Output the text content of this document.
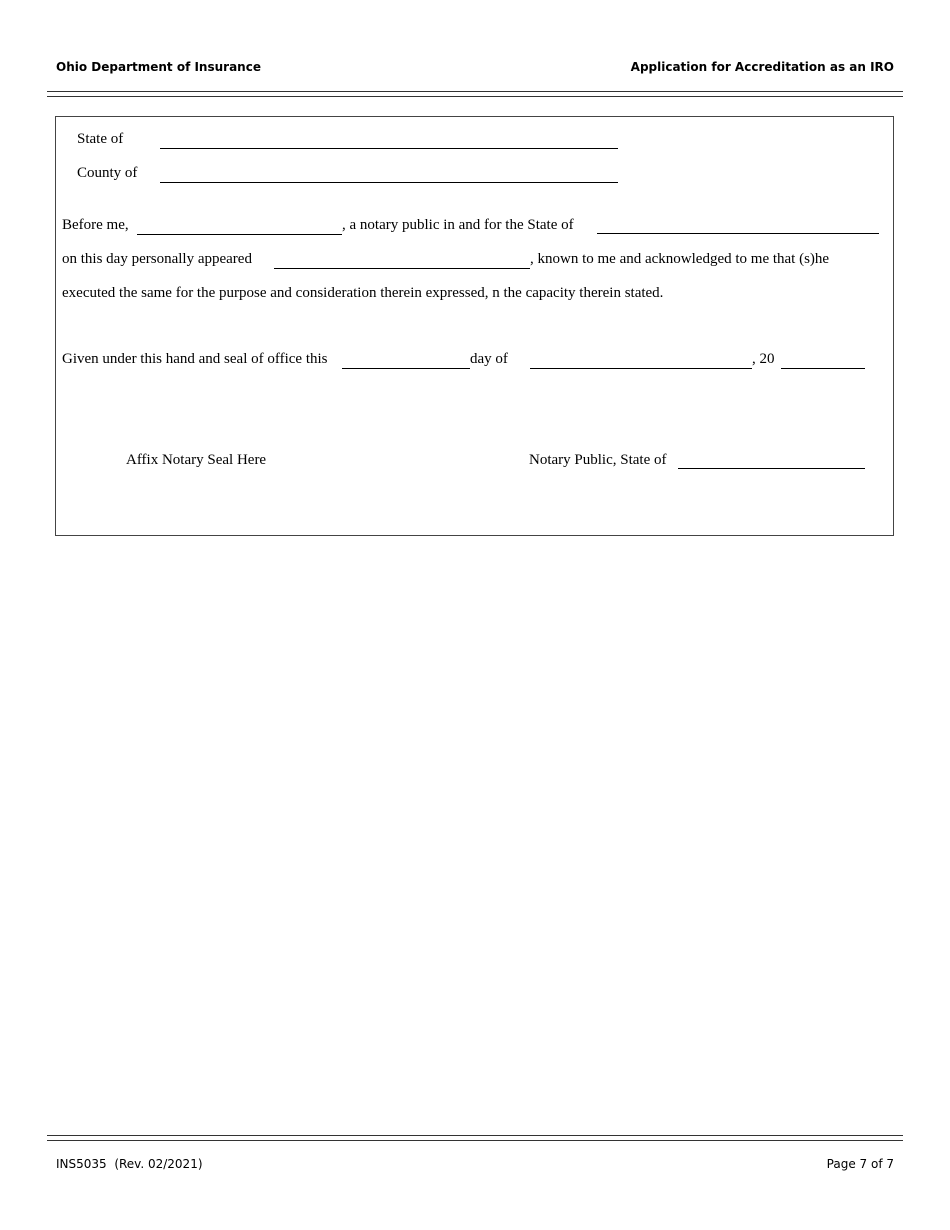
Ohio Department of Insurance	Application for Accreditation as an IRO
State of
County of
Before me,	, a notary public in and for the State of
on this day personally appeared	, known to me and acknowledged to me that (s)he
executed the same for the purpose and consideration therein expressed, n the capacity therein stated.
Given under this hand and seal of office this	day of	, 20
Affix Notary Seal Here	Notary Public, State of
INS5035 (Rev. 02/2021)	Page 7 of 7
